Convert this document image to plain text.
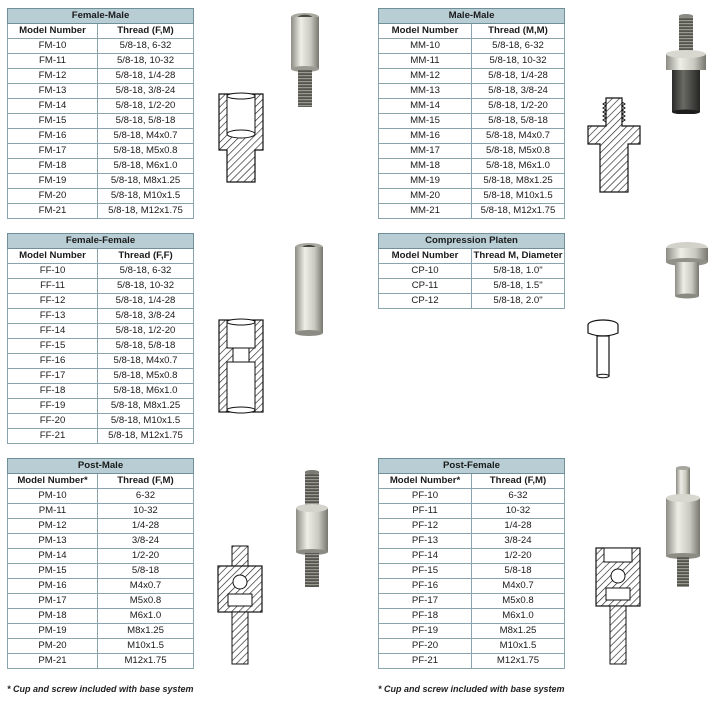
Female-Male	
Model Number	Thread (F,M)
FM-10	5/8-18, 6-32
FM-11	5/8-18, 10-32
FM-12	5/8-18, 1/4-28
FM-13	5/8-18, 3/8-24
FM-14	5/8-18, 1/2-20
FM-15	5/8-18, 5/8-18
FM-16	5/8-18, M4x0.7
FM-17	5/8-18, M5x0.8
FM-18	5/8-18, M6x1.0
FM-19	5/8-18, M8x1.25
FM-20	5/8-18, M10x1.5
FM-21	5/8-18, M12x1.75
Male-Male	
Model Number	Thread (M,M)
MM-10	5/8-18, 6-32
MM-11	5/8-18, 10-32
MM-12	5/8-18, 1/4-28
MM-13	5/8-18, 3/8-24
MM-14	5/8-18, 1/2-20
MM-15	5/8-18, 5/8-18
MM-16	5/8-18, M4x0.7
MM-17	5/8-18, M5x0.8
MM-18	5/8-18, M6x1.0
MM-19	5/8-18, M8x1.25
MM-20	5/8-18, M10x1.5
MM-21	5/8-18, M12x1.75
Female-Female	
Model Number	Thread (F,F)
FF-10	5/8-18, 6-32
FF-11	5/8-18, 10-32
FF-12	5/8-18, 1/4-28
FF-13	5/8-18, 3/8-24
FF-14	5/8-18, 1/2-20
FF-15	5/8-18, 5/8-18
FF-16	5/8-18, M4x0.7
FF-17	5/8-18, M5x0.8
FF-18	5/8-18, M6x1.0
FF-19	5/8-18, M8x1.25
FF-20	5/8-18, M10x1.5
FF-21	5/8-18, M12x1.75
Compression Platen	
Model Number	Thread M, Diameter
CP-10	5/8-18, 1.0"
CP-11	5/8-18, 1.5"
CP-12	5/8-18, 2.0"
Post-Male	
Model Number*	Thread (F,M)
PM-10	6-32
PM-11	10-32
PM-12	1/4-28
PM-13	3/8-24
PM-14	1/2-20
PM-15	5/8-18
PM-16	M4x0.7
PM-17	M5x0.8
PM-18	M6x1.0
PM-19	M8x1.25
PM-20	M10x1.5
PM-21	M12x1.75
Post-Female	
Model Number*	Thread (F,M)
PF-10	6-32
PF-11	10-32
PF-12	1/4-28
PF-13	3/8-24
PF-14	1/2-20
PF-15	5/8-18
PF-16	M4x0.7
PF-17	M5x0.8
PF-18	M6x1.0
PF-19	M8x1.25
PF-20	M10x1.5
PF-21	M12x1.75
* Cup and screw included with base system	* Cup and screw included with base system
